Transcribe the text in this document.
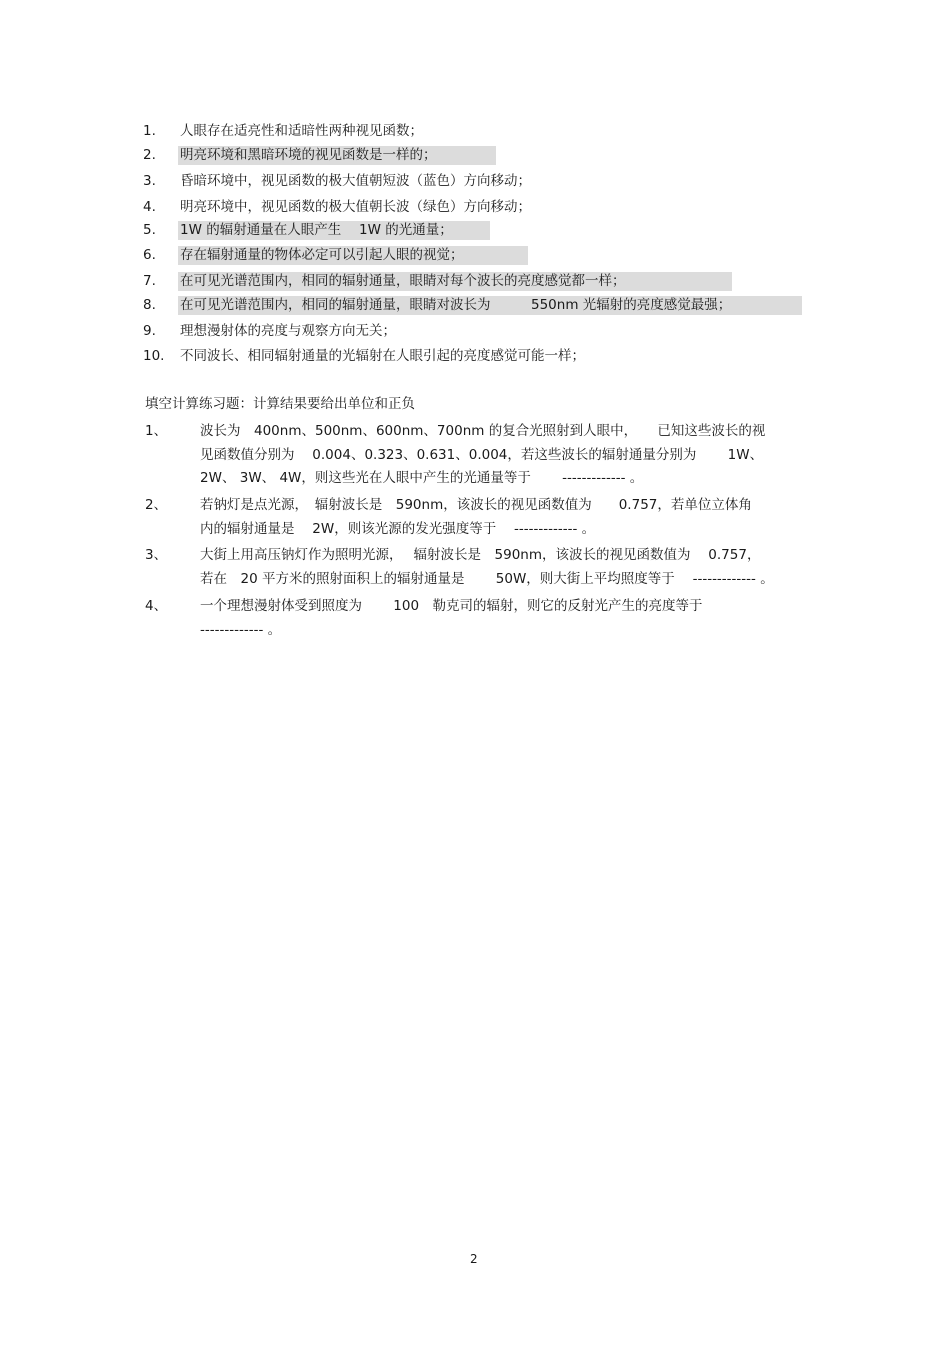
1.	人眼存在适亮性和适暗性两种视见函数；
2.	明亮环境和黑暗环境的视见函数是一样的；
3.	昏暗环境中，视见函数的极大值朝短波（蓝色）方向移动；
4.	明亮环境中，视见函数的极大值朝长波（绿色）方向移动；
5.	1W 的辐射通量在人眼产生　 1W 的光通量；
6.	存在辐射通量的物体必定可以引起人眼的视觉；
7.	在可见光谱范围内，相同的辐射通量，眼睛对每个波长的亮度感觉都一样；
8.	在可见光谱范围内，相同的辐射通量，眼睛对波长为　　　550nm 光辐射的亮度感觉最强；
9.	理想漫射体的亮度与观察方向无关；
10.	不同波长、相同辐射通量的光辐射在人眼引起的亮度感觉可能一样；
填空计算练习题：计算结果要给出单位和正负
1、 波长为　400nm、500nm、600nm、700nm 的复合光照射到人眼中，　　已知这些波长的视
见函数值分别为　 0.004、0.323、0.631、0.004，若这些波长的辐射通量分别为　　 1W、
2W、 3W、 4W，则这些光在人眼中产生的光通量等于　　 ------------- 。
2、 若钠灯是点光源，　辐射波长是　590nm，该波长的视见函数值为　　0.757，若单位立体角
内的辐射通量是　 2W，则该光源的发光强度等于　 ------------- 。
3、 大街上用高压钠灯作为照明光源，　 辐射波长是　590nm，该波长的视见函数值为　 0.757，
若在　20 平方米的照射面积上的辐射通量是　　 50W，则大街上平均照度等于　 ------------- 。
4、 一个理想漫射体受到照度为　　 100　勒克司的辐射，则它的反射光产生的亮度等于
------------- 。
2
